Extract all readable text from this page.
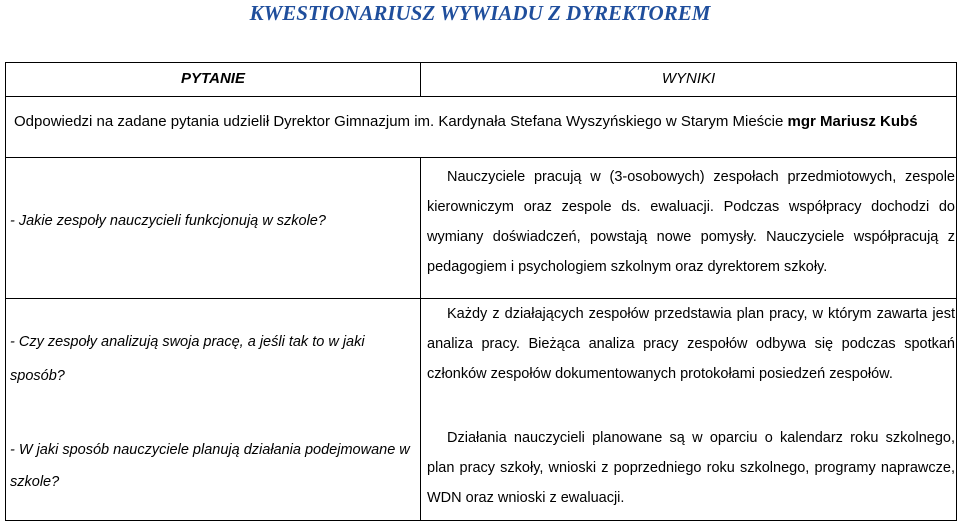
KWESTIONARIUSZ WYWIADU Z DYREKTOREM
PYTANIE	WYNIKI
Odpowiedzi na zadane pytania udzielił Dyrektor Gimnazjum im. Kardynała Stefana Wyszyńskiego w Starym Mieście mgr Mariusz Kubś
- Jakie zespoły nauczycieli funkcjonują w szkole?

Nauczyciele pracują w (3-osobowych) zespołach przedmiotowych, zespole kierowniczym oraz zespole ds. ewaluacji. Podczas współpracy dochodzi do wymiany doświadczeń, powstają nowe pomysły. Nauczyciele współpracują z pedagogiem i psychologiem szkolnym oraz dyrektorem szkoły.

- Czy zespoły analizują swoja pracę, a jeśli tak to w jaki sposób?

Każdy z działających zespołów przedstawia plan pracy, w którym zawarta jest analiza pracy. Bieżąca analiza pracy zespołów odbywa się podczas spotkań członków zespołów dokumentowanych protokołami posiedzeń zespołów.

- W jaki sposób nauczyciele planują działania podejmowane w szkole?

Działania nauczycieli planowane są w oparciu o kalendarz roku szkolnego, plan pracy szkoły, wnioski z poprzedniego roku szkolnego, programy naprawcze, WDN oraz wnioski z ewaluacji.
